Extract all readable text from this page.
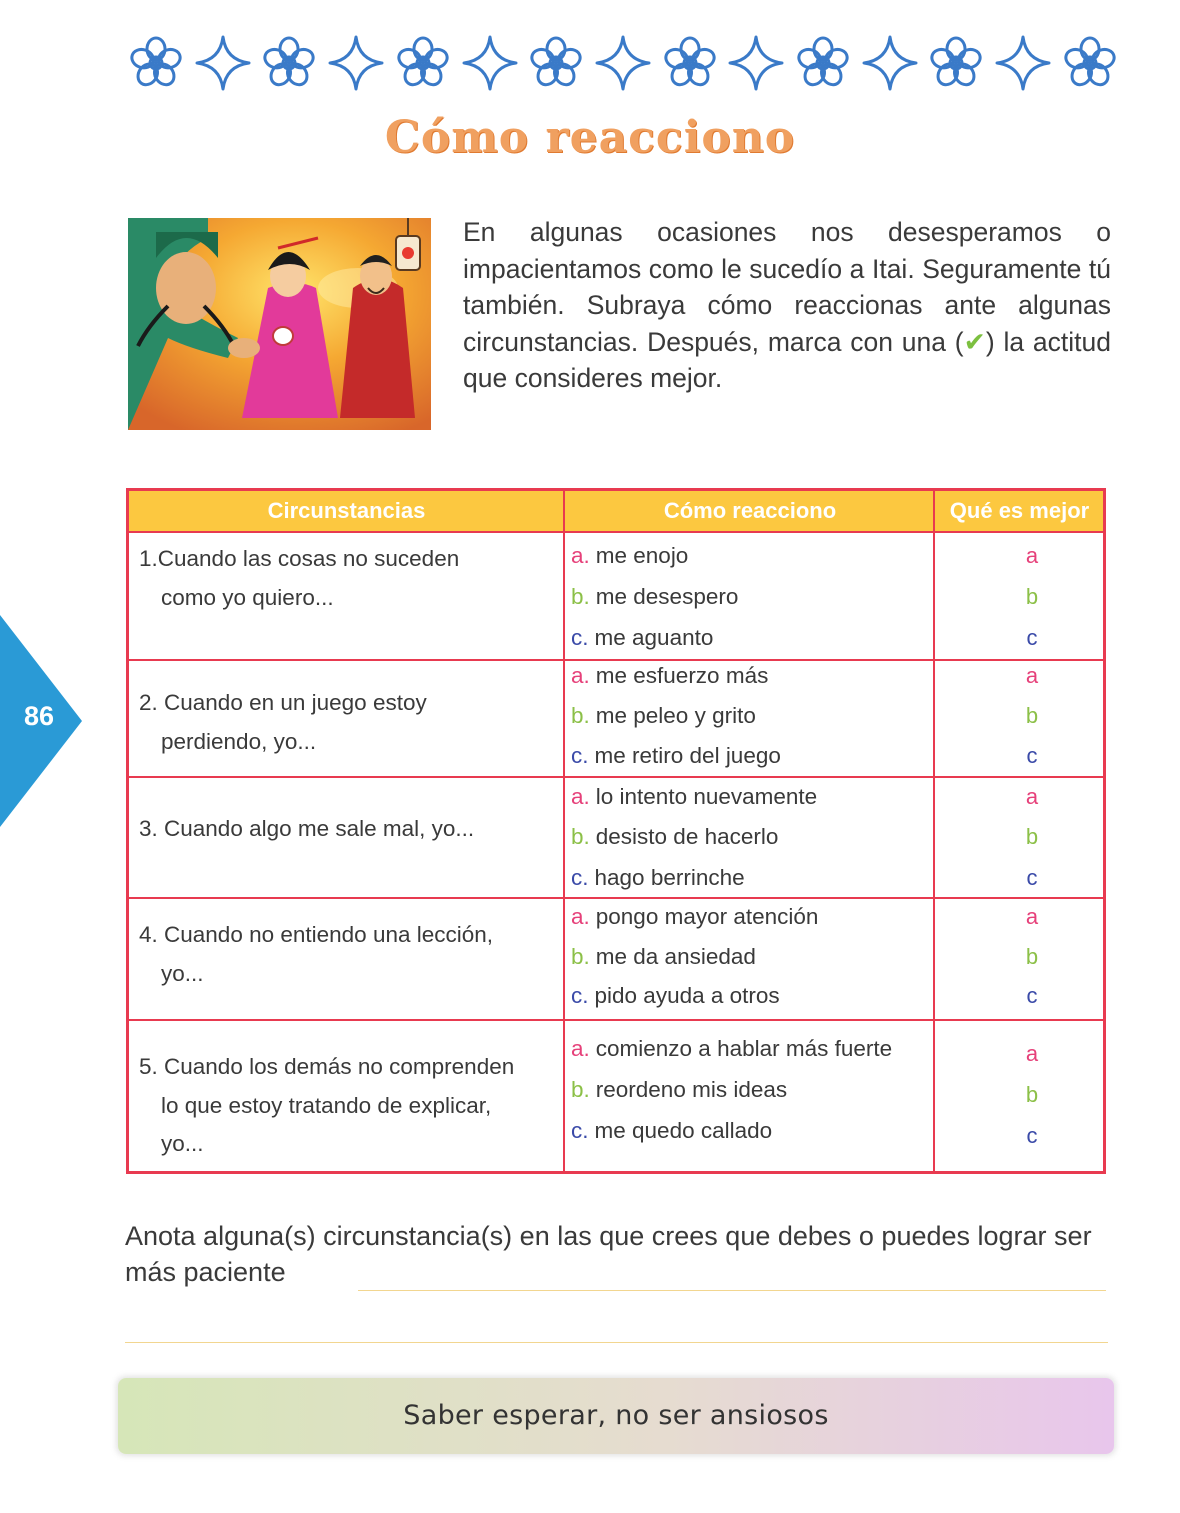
Cómo reacciono
En algunas ocasiones nos desesperamos o impacientamos como le sucedío a Itai. Seguramente tú también. Subraya cómo reaccionas ante algunas circunstancias. Después, marca con una (✔) la actitud que consideres mejor.
86
Circunstancias	Cómo reacciono	Qué es mejor
1.Cuando las cosas no suceden
como yo quiero...
a. me enojo	a
b. me desespero	b
c. me aguanto	c
2. Cuando en un juego estoy
perdiendo, yo...
a. me esfuerzo más	a
b. me peleo y grito	b
c. me retiro del juego	c
3. Cuando algo me sale mal, yo...
a. lo intento nuevamente	a
b. desisto de hacerlo	b
c. hago berrinche	c
4. Cuando no entiendo una lección,
yo...
a. pongo mayor atención	a
b. me da ansiedad	b
c. pido ayuda a otros	c
5. Cuando los demás no comprenden
lo que estoy tratando de explicar,
yo...
a. comienzo a hablar más fuerte	a
b. reordeno mis ideas	b
c. me quedo callado	c
Anota alguna(s) circunstancia(s) en las que crees que debes o puedes lograr ser más paciente
Saber esperar, no ser ansiosos
